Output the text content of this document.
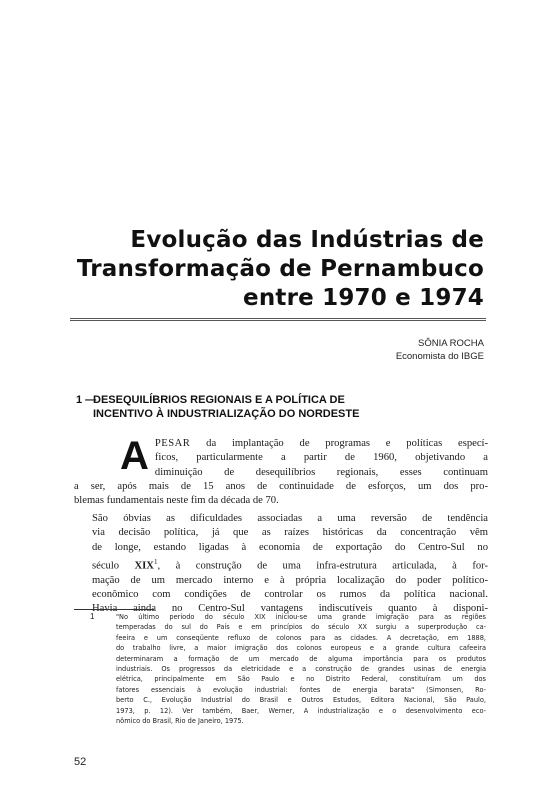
Evolução das Indústrias de
Transformação de Pernambuco
entre 1970 e 1974
SÔNIA ROCHA
Economista do IBGE
1 —
DESEQUILÍBRIOS REGIONAIS E A POLÍTICA DE
INCENTIVO À INDUSTRIALIZAÇÃO DO NORDESTE
A PESAR da implantação de programas e políticas especí-
ficos, particularmente a partir de 1960, objetivando a
diminuição de desequilíbrios regionais, esses continuam
a ser, após mais de 15 anos de continuidade de esforços, um dos pro-
blemas fundamentais neste fim da década de 70.
São óbvias as dificuldades associadas a uma reversão de tendência
via decisão política, já que as raízes históricas da concentração vêm
de longe, estando ligadas à economia de exportação do Centro-Sul no
século XIX$^1$, à construção de uma infra-estrutura articulada, à for-
mação de um mercado interno e à própria localização do poder político-
econômico com condições de controlar os rumos da política nacional.
Havia ainda no Centro-Sul vantagens indiscutíveis quanto à disponi-
1	"No último período do século XIX iniciou-se uma grande imigração para as regiões
temperadas do sul do País e em princípios do século XX surgiu a superprodução ca-
feeira e um conseqüente refluxo de colonos para as cidades. A decretação, em 1888,
do trabalho livre, a maior imigração dos colonos europeus e a grande cultura cafeeira
determinaram a formação de um mercado de alguma importância para os produtos
industriais. Os progressos da eletricidade e a construção de grandes usinas de energia
elétrica, principalmente em São Paulo e no Distrito Federal, constituíram um dos
fatores essenciais à evolução industrial: fontes de energia barata" (Simonsen, Ro-
berto C., Evolução Industrial do Brasil e Outros Estudos, Editora Nacional, São Paulo,
1973, p. 12). Ver também, Baer, Werner, A industrialização e o desenvolvimento eco-
nômico do Brasil, Rio de Janeiro, 1975.
52
